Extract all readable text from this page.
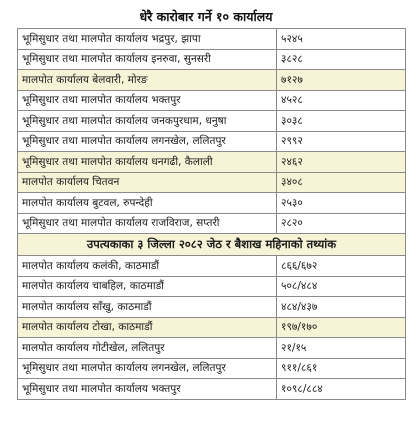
धेरै कारोबार गर्ने १० कार्यालय
भूमिसुधार तथा मालपोत कार्यालय भद्रपुर, झापा	५२४५
भूमिसुधार तथा मालपोत कार्यालय इनरुवा, सुनसरी	३८२८
मालपोत कार्यालय बेलवारी, मोरङ	७१२७
भूमिसुधार तथा मालपोत कार्यालय भक्तपुर	४५२८
भूमिसुधार तथा मालपोत कार्यालय जनकपुरधाम, धनुषा	३०३८
भूमिसुधार तथा मालपोत कार्यालय लगनखेल, ललितपुर	२९९२
भूमिसुधार तथा मालपोत कार्यालय धनगढी, कैलाली	२४६२
मालपोत कार्यालय चितवन	३४०८
मालपोत कार्यालय बुटवल, रुपन्देही	२५३०
भूमिसुधार तथा मालपोत कार्यालय राजविराज, सप्तरी	२८२०
उपत्यकाका ३ जिल्ला २०८२ जेठ र बैशाख महिनाको तथ्यांक	
मालपोत कार्यालय कलंकी, काठमाडौं	८६६/६७२
मालपोत कार्यालय चाबहिल, काठमाडौं	५०८/४८४
मालपोत कार्यालय साँखु, काठमाडौं	४८४/४३७
मालपोत कार्यालय टोखा, काठमाडौं	१९७/१७०
मालपोत कार्यालय गोटीखेल, ललितपुर	२१/१५
भूमिसुधार तथा मालपोत कार्यालय लगनखेल, ललितपुर	९११/८६१
भूमिसुधार तथा मालपोत कार्यालय भक्तपुर	१०९८/८८४
